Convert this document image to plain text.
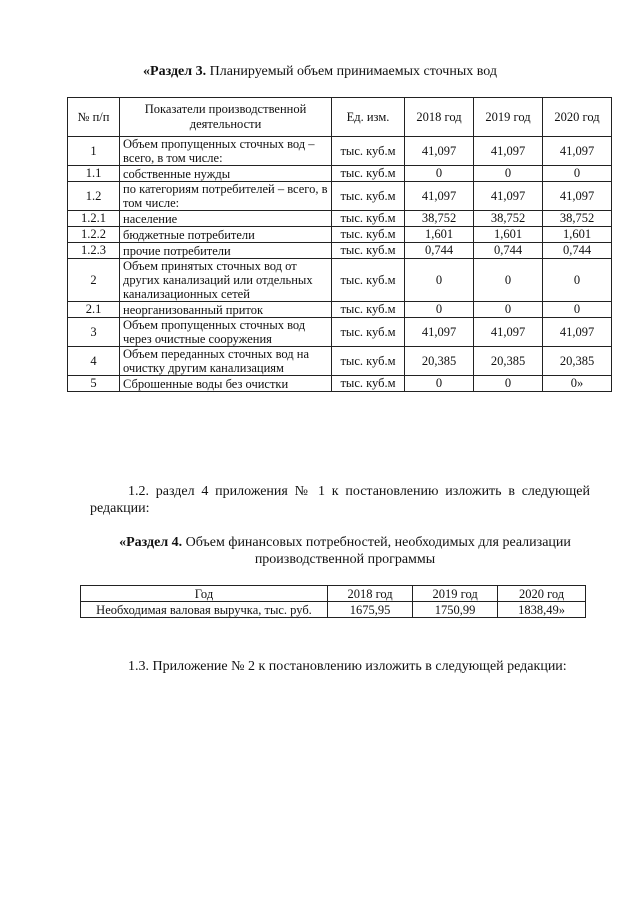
«Раздел 3. Планируемый объем принимаемых сточных вод
№ п/п	Показатели производственной деятельности	Ед. изм.	2018 год	2019 год	2020 год
1	Объем пропущенных сточных вод – всего, в том числе:	тыс. куб.м	41,097	41,097	41,097
1.1	собственные нужды	тыс. куб.м	0	0	0
1.2	по категориям потребителей – всего, в том числе:	тыс. куб.м	41,097	41,097	41,097
1.2.1	население	тыс. куб.м	38,752	38,752	38,752
1.2.2	бюджетные потребители	тыс. куб.м	1,601	1,601	1,601
1.2.3	прочие потребители	тыс. куб.м	0,744	0,744	0,744
2	Объем принятых сточных вод от других канализаций или отдельных канализационных сетей	тыс. куб.м	0	0	0
2.1	неорганизованный приток	тыс. куб.м	0	0	0
3	Объем пропущенных сточных вод через очистные сооружения	тыс. куб.м	41,097	41,097	41,097
4	Объем переданных сточных вод на очистку другим канализациям	тыс. куб.м	20,385	20,385	20,385
5	Сброшенные воды без очистки	тыс. куб.м	0	0	0»
1.2. раздел 4 приложения № 1 к постановлению изложить в следующей редакции:
«Раздел 4. Объем финансовых потребностей, необходимых для реализации производственной программы
Год	2018 год	2019 год	2020 год
Необходимая валовая выручка, тыс. руб.	1675,95	1750,99	1838,49»
1.3. Приложение № 2 к постановлению изложить в следующей редакции:
